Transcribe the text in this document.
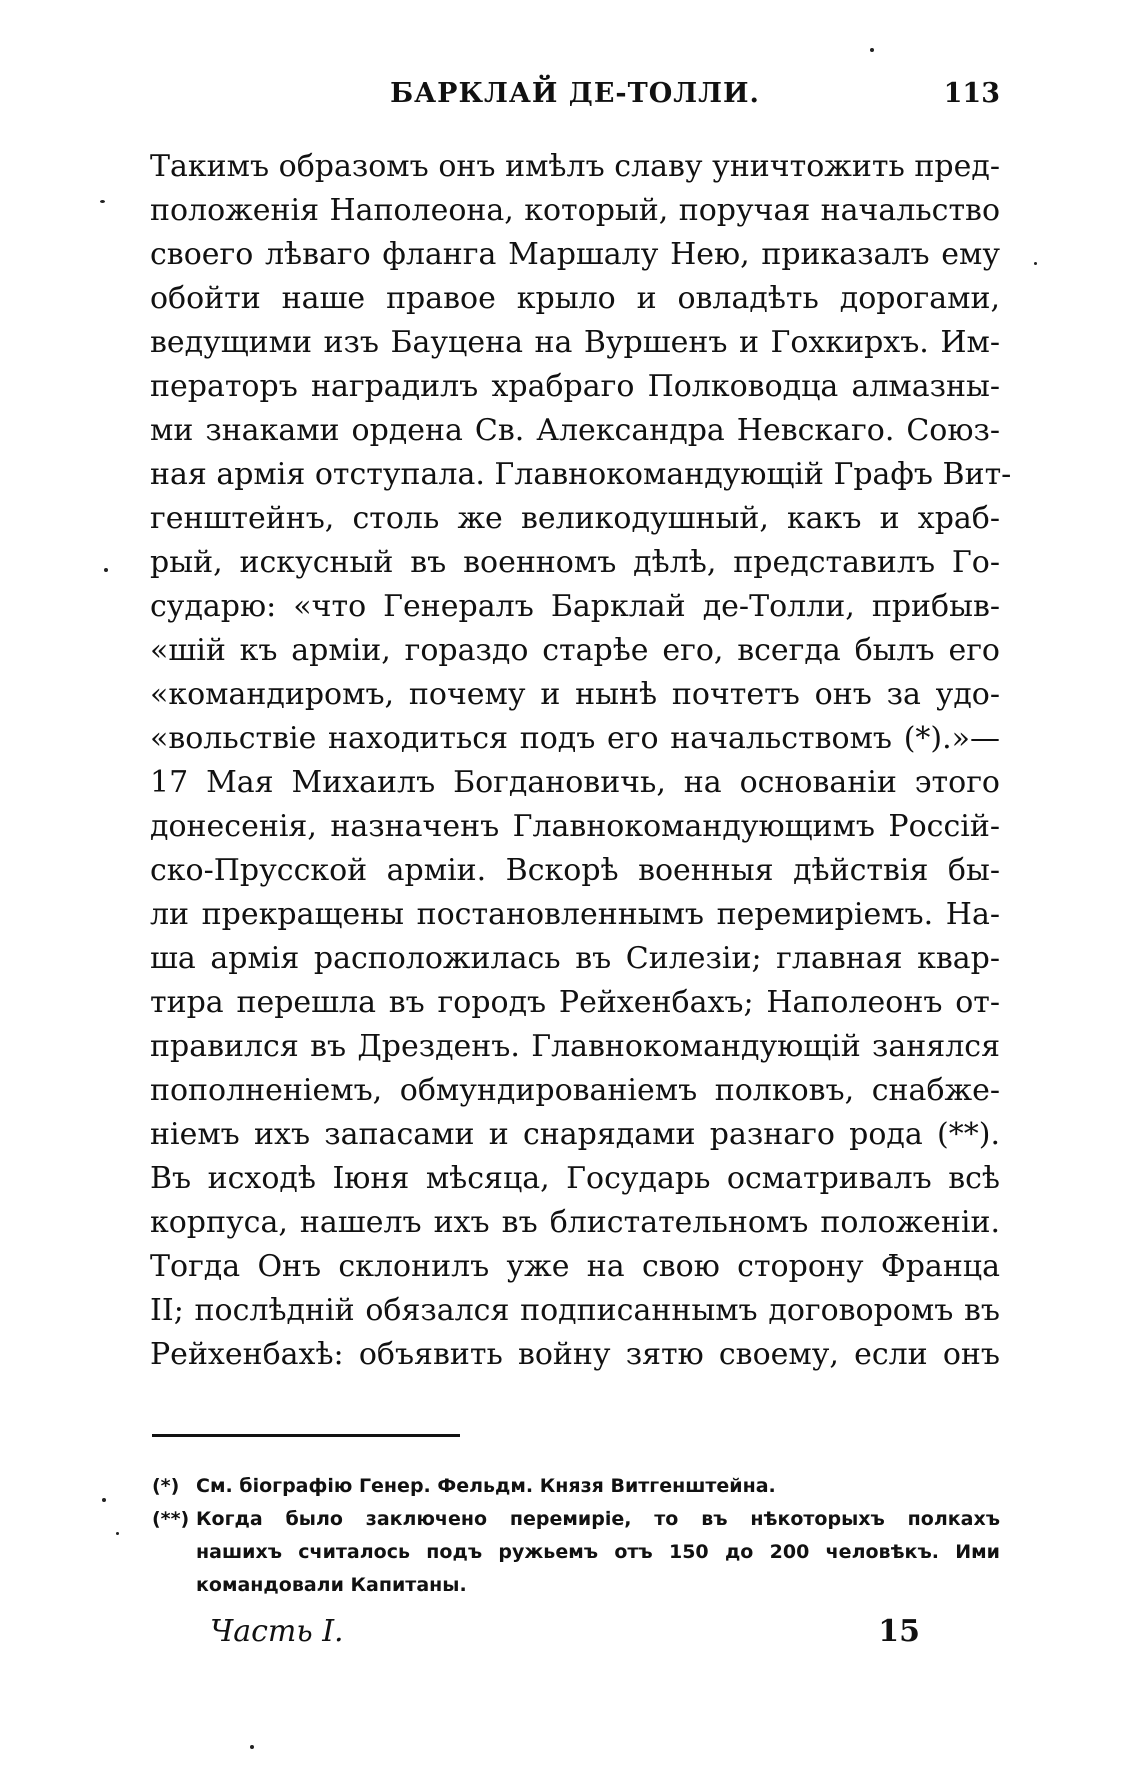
БАРКЛАЙ ДЕ-ТОЛЛИ.	113
Такимъ образомъ онъ имѣлъ славу уничтожить пред-
положенія Наполеона, который, поручая начальство
своего лѣваго фланга Маршалу Нею, приказалъ ему
обойти наше правое крыло и овладѣть дорогами,
ведущими изъ Бауцена на Вуршенъ и Гохкирхъ. Им-
ператоръ наградилъ храбраго Полководца алмазны-
ми знаками ордена Св. Александра Невскаго. Союз-
ная армія отступала. Главнокомандующій Графъ Вит-
генштейнъ, столь же великодушный, какъ и храб-
рый, искусный въ военномъ дѣлѣ, представилъ Го-
сударю: «что Генералъ Барклай де-Толли, прибыв-
«шій къ арміи, гораздо старѣе его, всегда былъ его
«командиромъ, почему и нынѣ почтетъ онъ за удо-
«вольствіе находиться подъ его начальствомъ (*).»—
17 Мая Михаилъ Богдановичь, на основаніи этого
донесенія, назначенъ Главнокомандующимъ Россій-
ско-Прусской арміи. Вскорѣ военныя дѣйствія бы-
ли прекращены постановленнымъ перемиріемъ. На-
ша армія расположилась въ Силезіи; главная квар-
тира перешла въ городъ Рейхенбахъ; Наполеонъ от-
правился въ Дрезденъ. Главнокомандующій занялся
пополненіемъ, обмундированіемъ полковъ, снабже-
ніемъ ихъ запасами и снарядами разнаго рода (**).
Въ исходѣ Іюня мѣсяца, Государь осматривалъ всѣ
корпуса, нашелъ ихъ въ блистательномъ положеніи.
Тогда Онъ склонилъ уже на свою сторону Франца
II; послѣдній обязался подписаннымъ договоромъ въ
Рейхенбахѣ: объявить войну зятю своему, если онъ
(*) См. біографію Генер. Фельдм. Князя Витгенштейна.
(**) Когда было заключено перемиріе, то въ нѣкоторыхъ полкахъ
нашихъ считалось подъ ружьемъ отъ 150 до 200 человѣкъ. Ими
командовали Капитаны.
Часть I.	15
